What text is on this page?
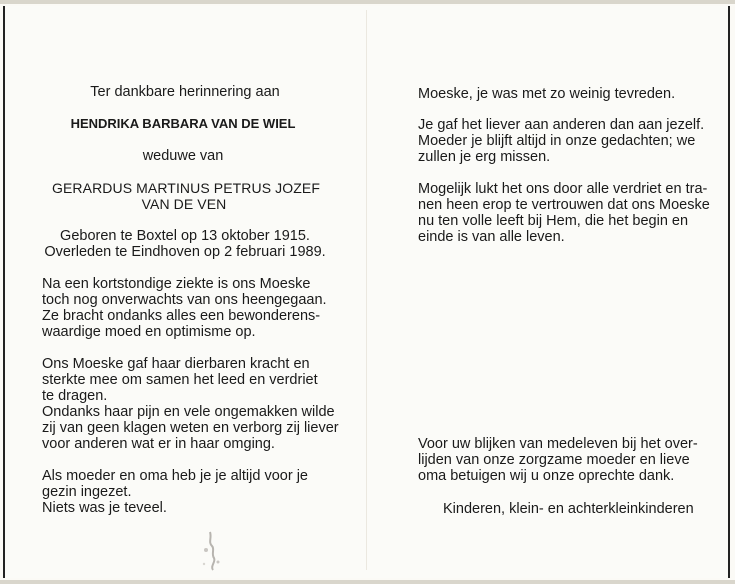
Ter dankbare herinnering aan

HENDRIKA BARBARA VAN DE WIEL

weduwe van

GERARDUS MARTINUS PETRUS JOZEF

VAN DE VEN

Geboren te Boxtel op 13 oktober 1915.

Overleden te Eindhoven op 2 februari 1989.

Na een kortstondige ziekte is ons Moeske

toch nog onverwachts van ons heengegaan.

Ze bracht ondanks alles een bewonderens-

waardige moed en optimisme op.

Ons Moeske gaf haar dierbaren kracht en

sterkte mee om samen het leed en verdriet

te dragen.

Ondanks haar pijn en vele ongemakken wilde

zij van geen klagen weten en verborg zij liever

voor anderen wat er in haar omging.

Als moeder en oma heb je je altijd voor je

gezin ingezet.

Niets was je teveel.

Moeske, je was met zo weinig tevreden.

Je gaf het liever aan anderen dan aan jezelf.

Moeder je blijft altijd in onze gedachten; we

zullen je erg missen.

Mogelijk lukt het ons door alle verdriet en tra-

nen heen erop te vertrouwen dat ons Moeske

nu ten volle leeft bij Hem, die het begin en

einde is van alle leven.

Voor uw blijken van medeleven bij het over-

lijden van onze zorgzame moeder en lieve

oma betuigen wij u onze oprechte dank.

Kinderen, klein- en achterkleinkinderen
